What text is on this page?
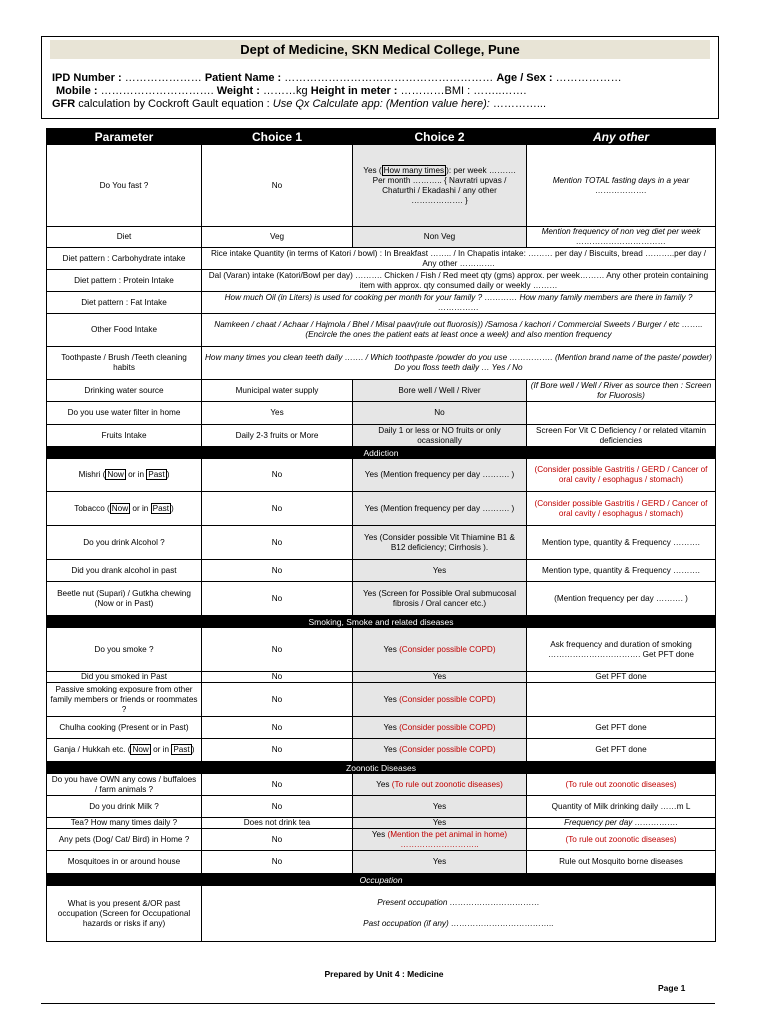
Dept of Medicine, SKN Medical College, Pune
IPD Number : ………………… Patient Name : ………………………………………………… Age / Sex : ………………
Mobile : …………………………. Weight : ………kg Height in meter : …………BMI : ……..…….
GFR calculation by Cockroft Gault equation : Use Qx Calculate app: (Mention value here): …………...
Parameter	Choice 1	Choice 2	Any other
Do You fast ?	No	Yes ( How many times ): per week ………. Per month ……….. { Navratri upvas / Chaturthi / Ekadashi / any other ………………. }	Mention TOTAL fasting days in a year ……………….
Diet	Veg	Non Veg	Mention frequency of non veg diet per week ……………………………
Diet pattern : Carbohydrate intake	Rice intake Quantity (in terms of Katori / bowl) : In Breakfast …….. / In Chapatis intake: ……… per day / Biscuits, bread ………..per day / Any other ………….		
Diet pattern : Protein Intake	Dal (Varan) intake (Katori/Bowl per day) ………. Chicken / Fish / Red meet qty (gms) approx. per week……… Any other protein containing item with approx. qty consumed daily or weekly ………		
Diet pattern : Fat Intake	How much Oil (in Liters) is used for cooking per month for your family ? ………… How many family members are there in family ? ……………		
Other Food Intake	Namkeen / chaat / Achaar / Hajmola / Bhel / Misal paav(rule out fluorosis)) /Samosa / kachori / Commercial Sweets / Burger / etc …….. (Encircle the ones the patient eats at least once a week) and also mention frequency		
Toothpaste / Brush /Teeth cleaning habits	How many times you clean teeth daily ……. / Which toothpaste /powder do you use ……………. (Mention brand name of the paste/ powder) Do you floss teeth daily … Yes / No		
Drinking water source	Municipal water supply	Bore well / Well / River	(If Bore well / Well / River as source then : Screen for Fluorosis)
Do you use water filter in home	Yes	No	
Fruits Intake	Daily 2-3 fruits or More	Daily 1 or less or NO fruits or only ocassionally	Screen For Vit C Deficiency / or related vitamin deficiencies
Addiction			
Mishri ( Now or in Past )	No	Yes (Mention frequency per day ………. )	(Consider possible Gastritis / GERD / Cancer of oral cavity / esophagus / stomach)
Tobacco ( Now or in Past )	No	Yes (Mention frequency per day ………. )	(Consider possible Gastritis / GERD / Cancer of oral cavity / esophagus / stomach)
Do you drink Alcohol ?	No	Yes (Consider possible Vit Thiamine B1 & B12 deficiency; Cirrhosis ).	Mention type, quantity & Frequency ……….
Did you drank alcohol in past	No	Yes	Mention type, quantity & Frequency ……….
Beetle nut (Supari) / Gutkha chewing (Now or in Past)	No	Yes (Screen for Possible Oral submucosal fibrosis / Oral cancer etc.)	(Mention frequency per day ………. )
Smoking, Smoke and related diseases			
Do you smoke ?	No	Yes (Consider possible COPD)	Ask frequency and duration of smoking ……………………………. Get PFT done
Did you smoked in Past	No	Yes	Get PFT done
Passive smoking exposure from other family members or friends or roommates ?	No	Yes (Consider possible COPD)	
Chulha cooking (Present or in Past)	No	Yes (Consider possible COPD)	Get PFT done
Ganja / Hukkah etc. ( Now or in Past )	No	Yes (Consider possible COPD)	Get PFT done
Zoonotic Diseases			
Do you have OWN any cows / buffaloes / farm animals ?	No	Yes (To rule out zoonotic diseases)	(To rule out zoonotic diseases)
Do you drink Milk ?	No	Yes	Quantity of Milk drinking daily ……m L
Tea? How many times daily ?	Does not drink tea	Yes	Frequency per day …………….
Any pets (Dog/ Cat/ Bird) in Home ?	No	Yes (Mention the pet animal in home) ………………………..	(To rule out zoonotic diseases)
Mosquitoes in or around house	No	Yes	Rule out Mosquito borne diseases
Occupation			
What is you present &/OR past occupation (Screen for Occupational hazards or risks if any)	Present occupation ……………………………
Past occupation (if any) ………………………………..		
Prepared by Unit 4 : Medicine
Page 1
